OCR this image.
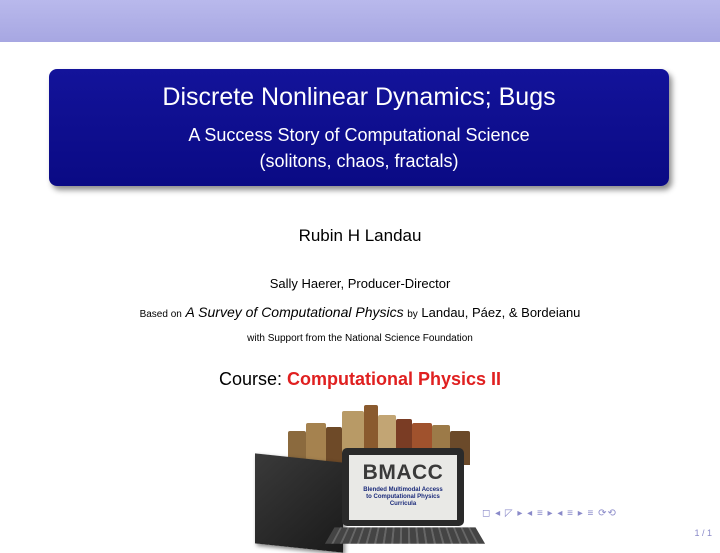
Discrete Nonlinear Dynamics; Bugs
A Success Story of Computational Science
(solitons, chaos, fractals)
Rubin H Landau
Sally Haerer, Producer-Director
Based on A Survey of Computational Physics by Landau, Páez, & Bordeianu
with Support from the National Science Foundation
Course: Computational Physics II
BMACC
Blended Multimodal Access
to Computational Physics
Curricula
◻ ◂ ◸ ▸ ◂ ≡ ▸ ◂ ≡ ▸ ≡ ⟳⟲
1 / 1
